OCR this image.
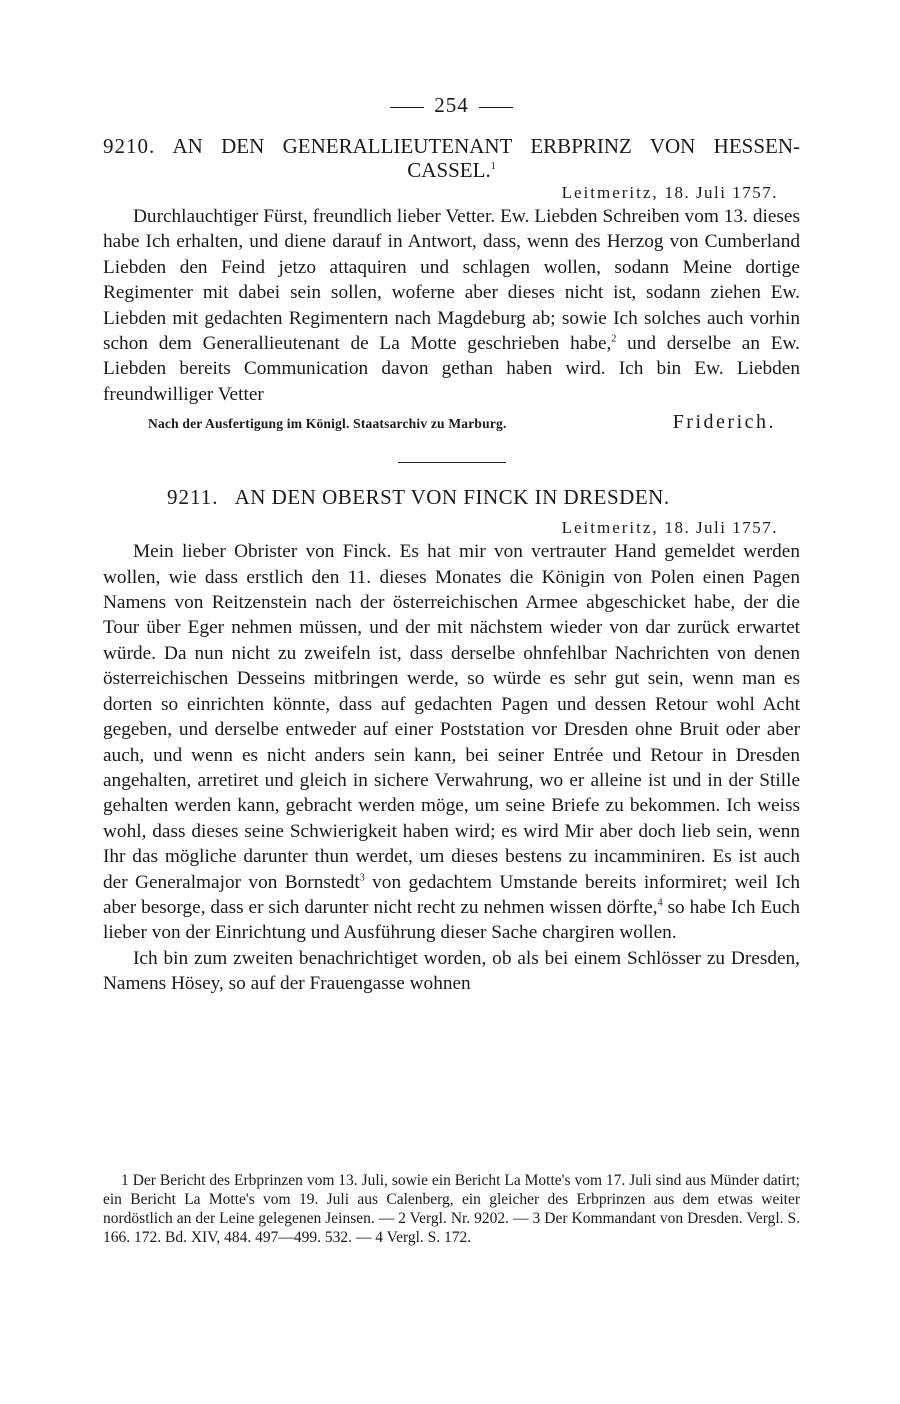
254
9210. AN DEN GENERALLIEUTENANT ERBPRINZ VON HESSEN- CASSEL.$^1$
Leitmeritz, 18. Juli 1757.

Durchlauchtiger Fürst, freundlich lieber Vetter. Ew. Liebden Schreiben vom 13. dieses habe Ich erhalten, und diene darauf in Antwort, dass, wenn des Herzog von Cumberland Liebden den Feind jetzo attaquiren und schlagen wollen, sodann Meine dortige Regimenter mit dabei sein sollen, woferne aber dieses nicht ist, sodann ziehen Ew. Liebden mit gedachten Regimentern nach Magdeburg ab; sowie Ich solches auch vorhin schon dem Generallieutenant de La Motte geschrieben habe,$^2$ und derselbe an Ew. Liebden bereits Communication davon gethan haben wird. Ich bin Ew. Liebden freundwilliger Vetter

Nach der Ausfertigung im Königl. Staatsarchiv zu Marburg.	Friderich.
9211. AN DEN OBERST VON FINCK IN DRESDEN.
Leitmeritz, 18. Juli 1757.

Mein lieber Obrister von Finck. Es hat mir von vertrauter Hand gemeldet werden wollen, wie dass erstlich den 11. dieses Monates die Königin von Polen einen Pagen Namens von Reitzenstein nach der österreichischen Armee abgeschicket habe, der die Tour über Eger nehmen müssen, und der mit nächstem wieder von dar zurück erwartet würde. Da nun nicht zu zweifeln ist, dass derselbe ohnfehlbar Nachrichten von denen österreichischen Desseins mitbringen werde, so würde es sehr gut sein, wenn man es dorten so einrichten könnte, dass auf gedachten Pagen und dessen Retour wohl Acht gegeben, und derselbe entweder auf einer Poststation vor Dresden ohne Bruit oder aber auch, und wenn es nicht anders sein kann, bei seiner Entrée und Retour in Dresden angehalten, arretiret und gleich in sichere Verwahrung, wo er alleine ist und in der Stille gehalten werden kann, gebracht werden möge, um seine Briefe zu bekommen. Ich weiss wohl, dass dieses seine Schwierigkeit haben wird; es wird Mir aber doch lieb sein, wenn Ihr das mögliche darunter thun werdet, um dieses bestens zu incamminiren. Es ist auch der Generalmajor von Bornstedt$^3$ von gedachtem Umstande bereits informiret; weil Ich aber besorge, dass er sich darunter nicht recht zu nehmen wissen dörfte,$^4$ so habe Ich Euch lieber von der Einrichtung und Ausführung dieser Sache chargiren wollen.

Ich bin zum zweiten benachrichtiget worden, ob als bei einem Schlösser zu Dresden, Namens Hösey, so auf der Frauengasse wohnen

1 Der Bericht des Erbprinzen vom 13. Juli, sowie ein Bericht La Motte's vom 17. Juli sind aus Münder datirt; ein Bericht La Motte's vom 19. Juli aus Calenberg, ein gleicher des Erbprinzen aus dem etwas weiter nordöstlich an der Leine gelegenen Jeinsen. — 2 Vergl. Nr. 9202. — 3 Der Kommandant von Dresden. Vergl. S. 166. 172. Bd. XIV, 484. 497—499. 532. — 4 Vergl. S. 172.
